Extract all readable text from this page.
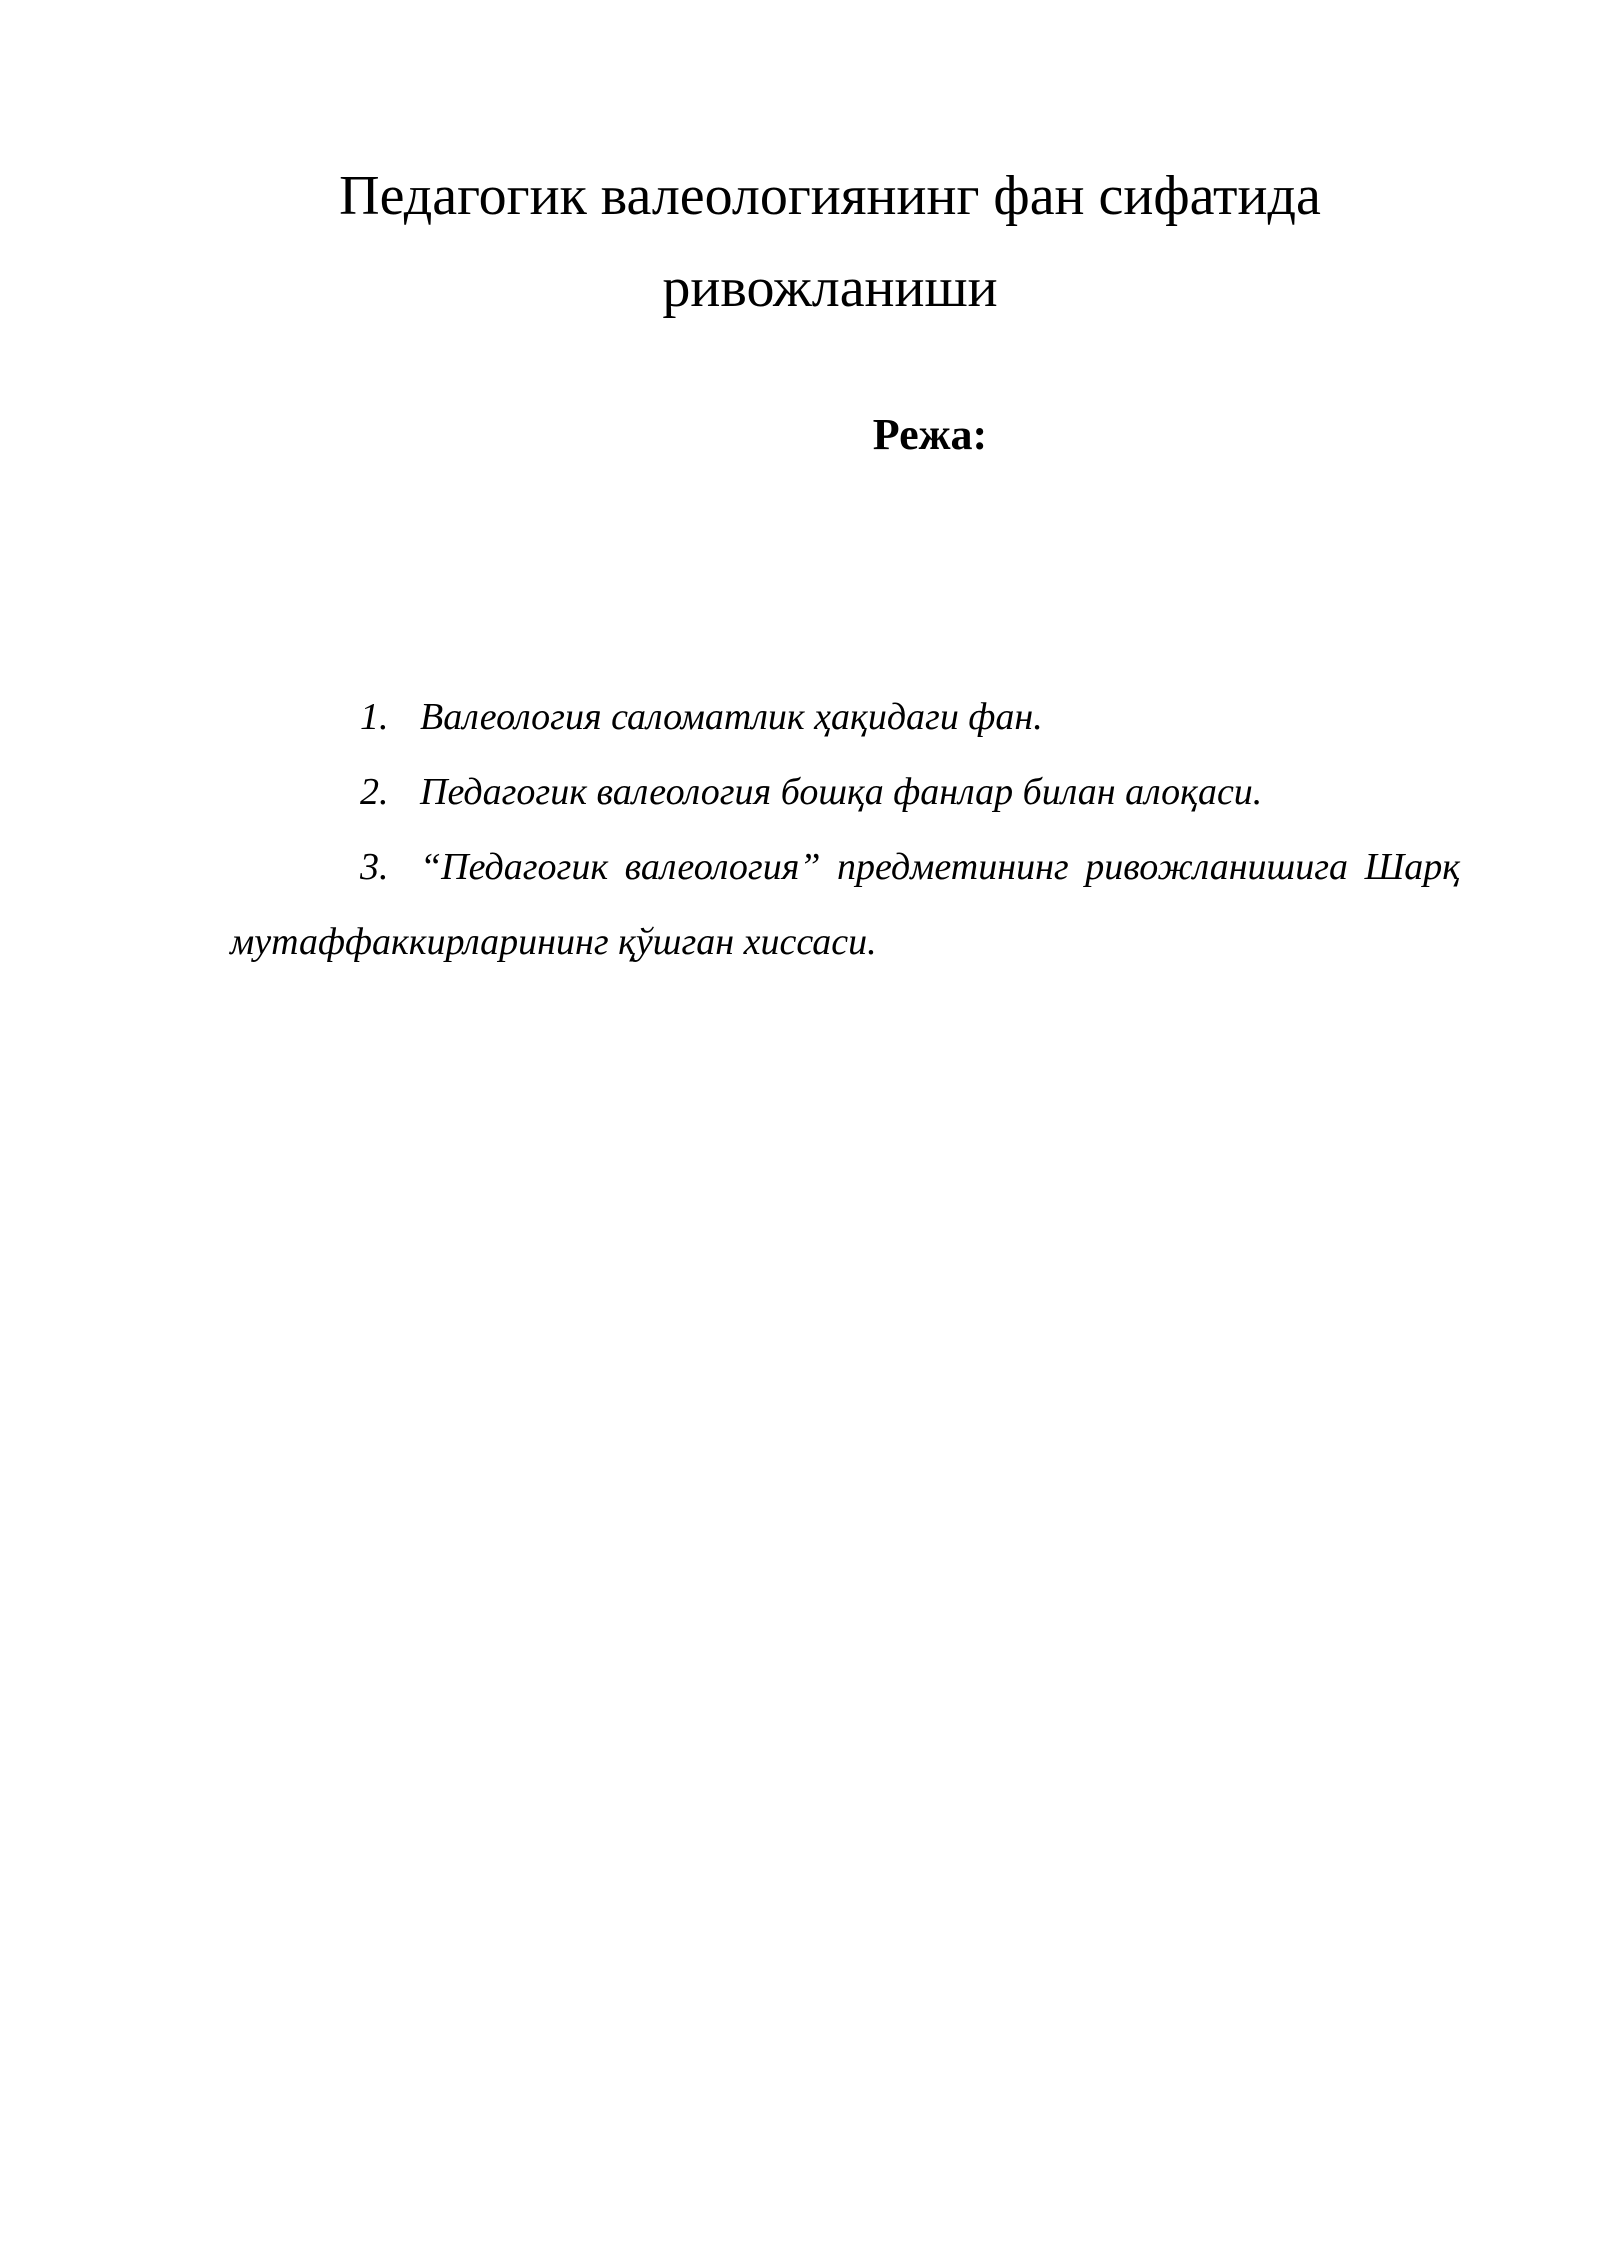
Педагогик валеологиянинг фан сифатида
ривожланиши
Режа:
1. Валеология саломатлик ҳақидаги фан.
2. Педагогик валеология бошқа фанлар билан алоқаси.
3. “Педагогик валеология” предметининг ривожланишига Шарқ мутаффаккирларининг қўшган хиссаси.
